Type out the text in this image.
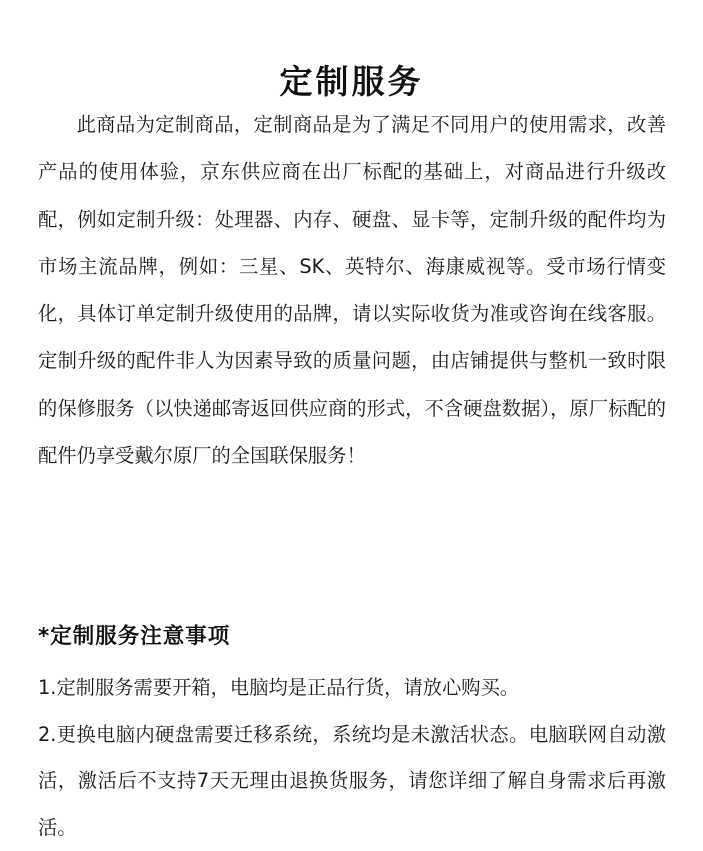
定制服务

此商品为定制商品，定制商品是为了满足不同用户的使用需求，改善产品的使用体验，京东供应商在出厂标配的基础上，对商品进行升级改配，例如定制升级：处理器、内存、硬盘、显卡等，定制升级的配件均为市场主流品牌，例如：三星、SK、英特尔、海康威视等。受市场行情变化，具体订单定制升级使用的品牌，请以实际收货为准或咨询在线客服。定制升级的配件非人为因素导致的质量问题，由店铺提供与整机一致时限的保修服务（以快递邮寄返回供应商的形式，不含硬盘数据），原厂标配的配件仍享受戴尔原厂的全国联保服务！

*定制服务注意事项
1.定制服务需要开箱，电脑均是正品行货，请放心购买。
2.更换电脑内硬盘需要迁移系统，系统均是未激活状态。电脑联网自动激活，激活后不支持7天无理由退换货服务，请您详细了解自身需求后再激活。
